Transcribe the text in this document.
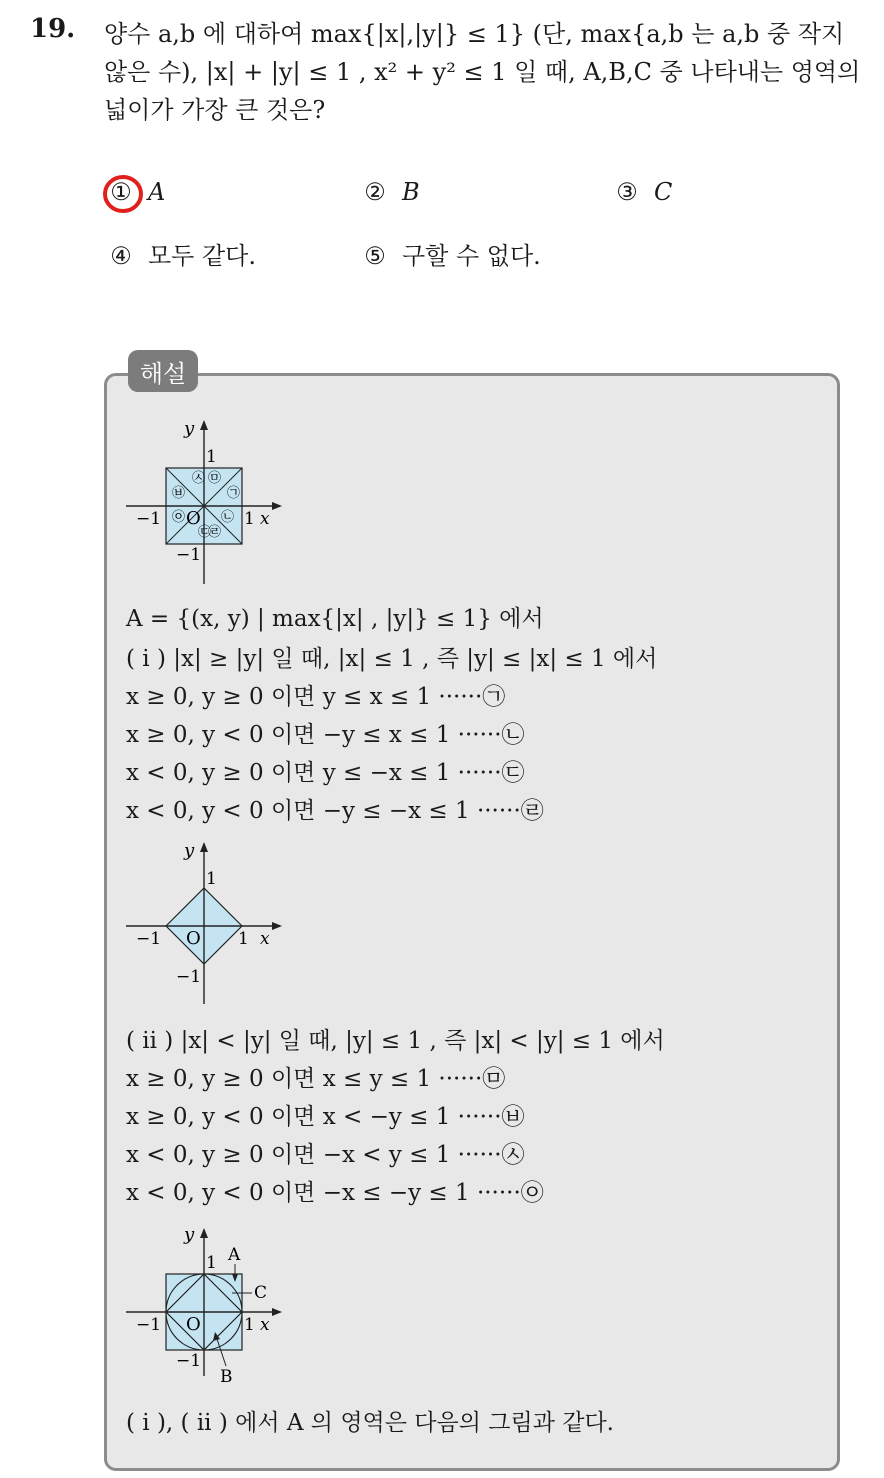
19. 양수 a,b 에 대하여 max{|x|,|y|} ≤ 1} (단, max{a,b 는 a,b 중 작지
않은 수), |x| + |y| ≤ 1 , x² + y² ≤ 1 일 때, A,B,C 중 나타내는 영역의
넓이가 가장 큰 것은?
① A	② B	③ C
④ 모두 같다.	⑤ 구할 수 없다.
해설
y
1
−1	1 x
O
−1
㉠
㉡
㉢
㉣
㉤
㉥
㉦
㉧
A = {(x, y) | max{|x| , |y|} ≤ 1} 에서
( i ) |x| ≥ |y| 일 때, |x| ≤ 1 , 즉 |y| ≤ |x| ≤ 1 에서
x ≥ 0, y ≥ 0 이면 y ≤ x ≤ 1 ······㉠
x ≥ 0, y < 0 이면 −y ≤ x ≤ 1 ······㉡
x < 0, y ≥ 0 이면 y ≤ −x ≤ 1 ······㉢
x < 0, y < 0 이면 −y ≤ −x ≤ 1 ······㉣
y
1
−1	1 x
O
−1
( ii ) |x| < |y| 일 때, |y| ≤ 1 , 즉 |x| < |y| ≤ 1 에서
x ≥ 0, y ≥ 0 이면 x ≤ y ≤ 1 ······㉤
x ≥ 0, y < 0 이면 x < −y ≤ 1 ······㉥
x < 0, y ≥ 0 이면 −x < y ≤ 1 ······㉦
x < 0, y < 0 이면 −x ≤ −y ≤ 1 ······㉧
y
1
−1	1 x
O
−1
A
C
B
( i ), ( ii ) 에서 A 의 영역은 다음의 그림과 같다.
